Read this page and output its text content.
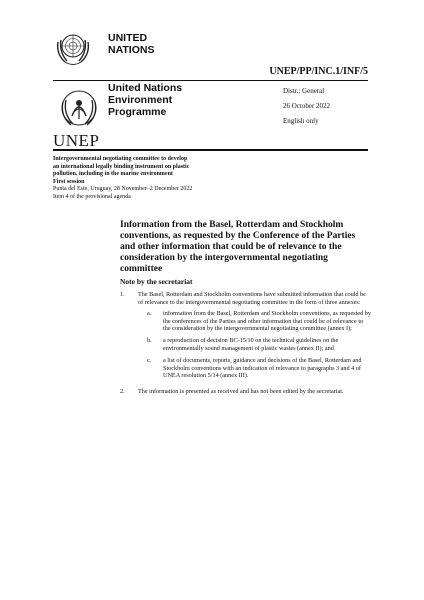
UNITED
NATIONS
UNEP/PP/INC.1/INF/5
UNEP
United Nations
Environment
Programme
Distr.: General
26 October 2022
English only
Intergovernmental negotiating committee to develop
an international legally binding instrument on plastic
pollution, including in the marine environment
First session
Punta del Este, Uruguay, 28 November–2 December 2022
Item 4 of the provisional agenda
Information from the Basel, Rotterdam and Stockholm conventions, as requested by the Conference of the Parties and other information that could be of relevance to the consideration by the intergovernmental negotiating committee
Note by the secretariat
1.	The Basel, Rotterdam and Stockholm conventions have submitted information that could be of relevance to the intergovernmental negotiating committee in the form of three annexes:
a. information from the Basel, Rotterdam and Stockholm conventions, as requested by the conferences of the Parties and other information that could be of relevance to the consideration by the intergovernmental negotiating committee (annex I);
b. a reproduction of decision BC-15/10 on the technical guidelines on the environmentally sound management of plastic wastes (annex II); and
c. a list of documents, reports, guidance and decisions of the Basel, Rotterdam and Stockholm conventions with an indication of relevance to paragraphs 3 and 4 of UNEA resolution 5/14 (annex III).
2.	The information is presented as received and has not been edited by the secretariat.
